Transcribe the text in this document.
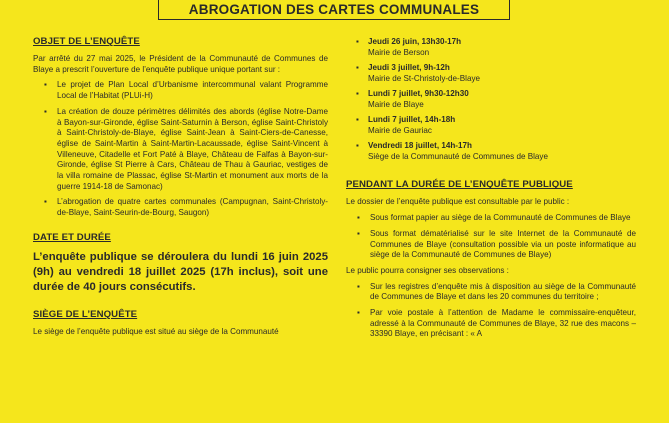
ABROGATION DES CARTES COMMUNALES
OBJET DE L’ENQUÊTE

Par arrêté du 27 mai 2025, le Président de la Communauté de Communes de Blaye a prescrit l’ouverture de l’enquête publique unique portant sur :

▪ Le projet de Plan Local d’Urbanisme intercommunal valant Programme Local de l’Habitat (PLUi-H)
▪ La création de douze périmètres délimités des abords (église Notre-Dame à Bayon-sur-Gironde, église Saint-Saturnin à Berson, église Saint-Christoly à Saint-Christoly-de-Blaye, église Saint-Jean à Saint-Ciers-de-Canesse, église de Saint-Martin à Saint-Martin-Lacaussade, église Saint-Vincent à Villeneuve, Citadelle et Fort Paté à Blaye, Château de Falfas à Bayon-sur-Gironde, église St Pierre à Cars, Château de Thau à Gauriac, vestiges de la villa romaine de Plassac, église St-Martin et monument aux morts de la guerre 1914-18 de Samonac)
▪ L’abrogation de quatre cartes communales (Campugnan, Saint-Christoly-de-Blaye, Saint-Seurin-de-Bourg, Saugon)
DATE ET DURÉE

L’enquête publique se déroulera du lundi 16 juin 2025 (9h) au vendredi 18 juillet 2025 (17h inclus), soit une durée de 40 jours consécutifs.

SIÈGE DE L’ENQUÊTE

Le siège de l’enquête publique est situé au siège de la Communauté

▪ Jeudi 26 juin, 13h30-17h
Mairie de Berson
▪ Jeudi 3 juillet, 9h-12h
Mairie de St-Christoly-de-Blaye
▪ Lundi 7 juillet, 9h30-12h30
Mairie de Blaye
▪ Lundi 7 juillet, 14h-18h
Mairie de Gauriac
▪ Vendredi 18 juillet, 14h-17h
Siège de la Communauté de Communes de Blaye
PENDANT LA DURÉE DE L’ENQUÊTE PUBLIQUE

Le dossier de l’enquête publique est consultable par le public :

▪ Sous format papier au siège de la Communauté de Communes de Blaye
▪ Sous format dématérialisé sur le site Internet de la Communauté de Communes de Blaye (consultation possible via un poste informatique au siège de la Communauté de Communes de Blaye)

Le public pourra consigner ses observations :

▪ Sur les registres d’enquête mis à disposition au siège de la Communauté de Communes de Blaye et dans les 20 communes du territoire ;
▪ Par voie postale à l’attention de Madame le commissaire-enquêteur, adressé à la Communauté de Communes de Blaye, 32 rue des macons – 33390 Blaye, en précisant : « A
